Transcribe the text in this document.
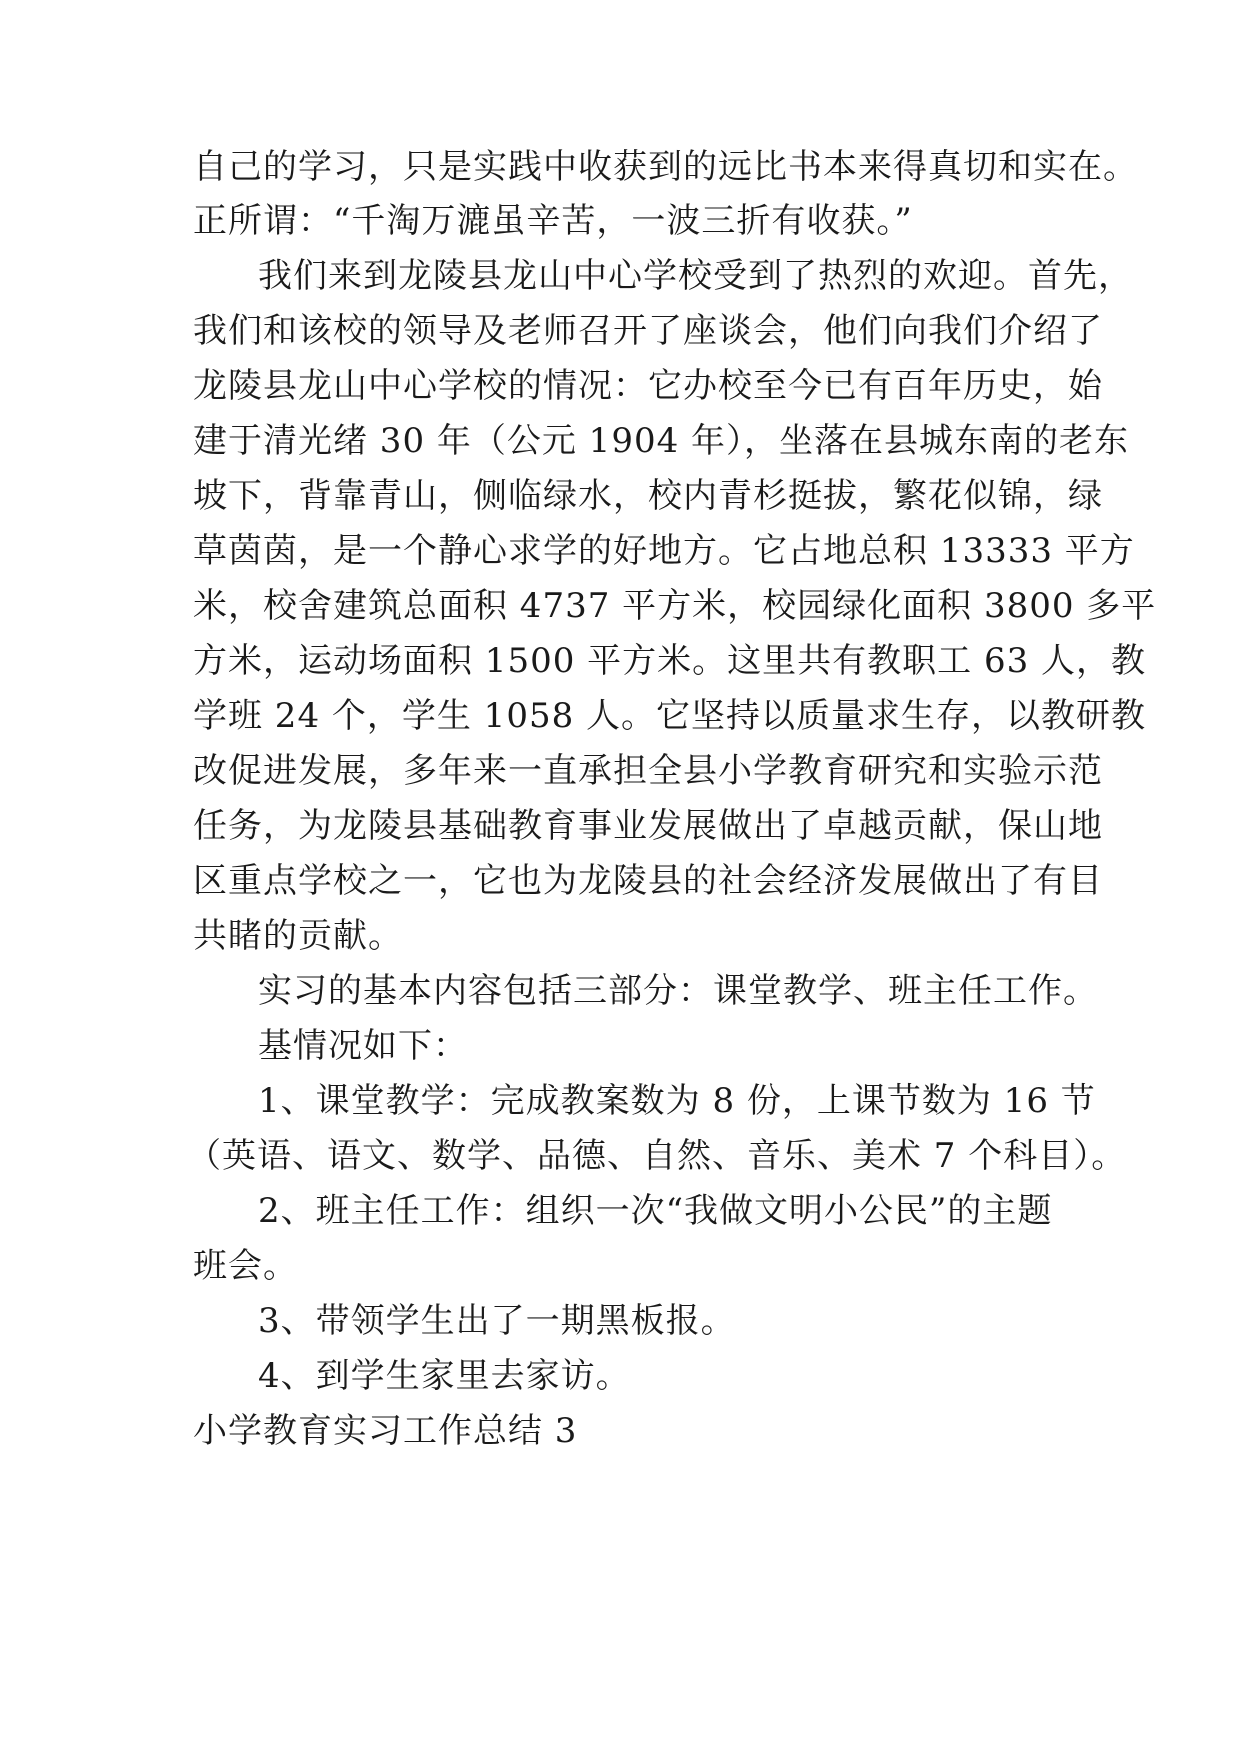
自己的学习，只是实践中收获到的远比书本来得真切和实在。
正所谓：“千淘万漉虽辛苦，一波三折有收获。”
我们来到龙陵县龙山中心学校受到了热烈的欢迎。首先，
我们和该校的领导及老师召开了座谈会，他们向我们介绍了
龙陵县龙山中心学校的情况：它办校至今已有百年历史，始
建于清光绪 30 年（公元 1904 年），坐落在县城东南的老东
坡下，背靠青山，侧临绿水，校内青杉挺拔，繁花似锦，绿
草茵茵，是一个静心求学的好地方。它占地总积 13333 平方
米，校舍建筑总面积 4737 平方米，校园绿化面积 3800 多平
方米，运动场面积 1500 平方米。这里共有教职工 63 人，教
学班 24 个，学生 1058 人。它坚持以质量求生存，以教研教
改促进发展，多年来一直承担全县小学教育研究和实验示范
任务，为龙陵县基础教育事业发展做出了卓越贡献，保山地
区重点学校之一，它也为龙陵县的社会经济发展做出了有目
共睹的贡献。
实习的基本内容包括三部分：课堂教学、班主任工作。
基情况如下：
1、课堂教学：完成教案数为 8 份，上课节数为 16 节
（英语、语文、数学、品德、自然、音乐、美术 7 个科目）。
2、班主任工作：组织一次“我做文明小公民”的主题
班会。
3、带领学生出了一期黑板报。
4、到学生家里去家访。
小学教育实习工作总结 3
